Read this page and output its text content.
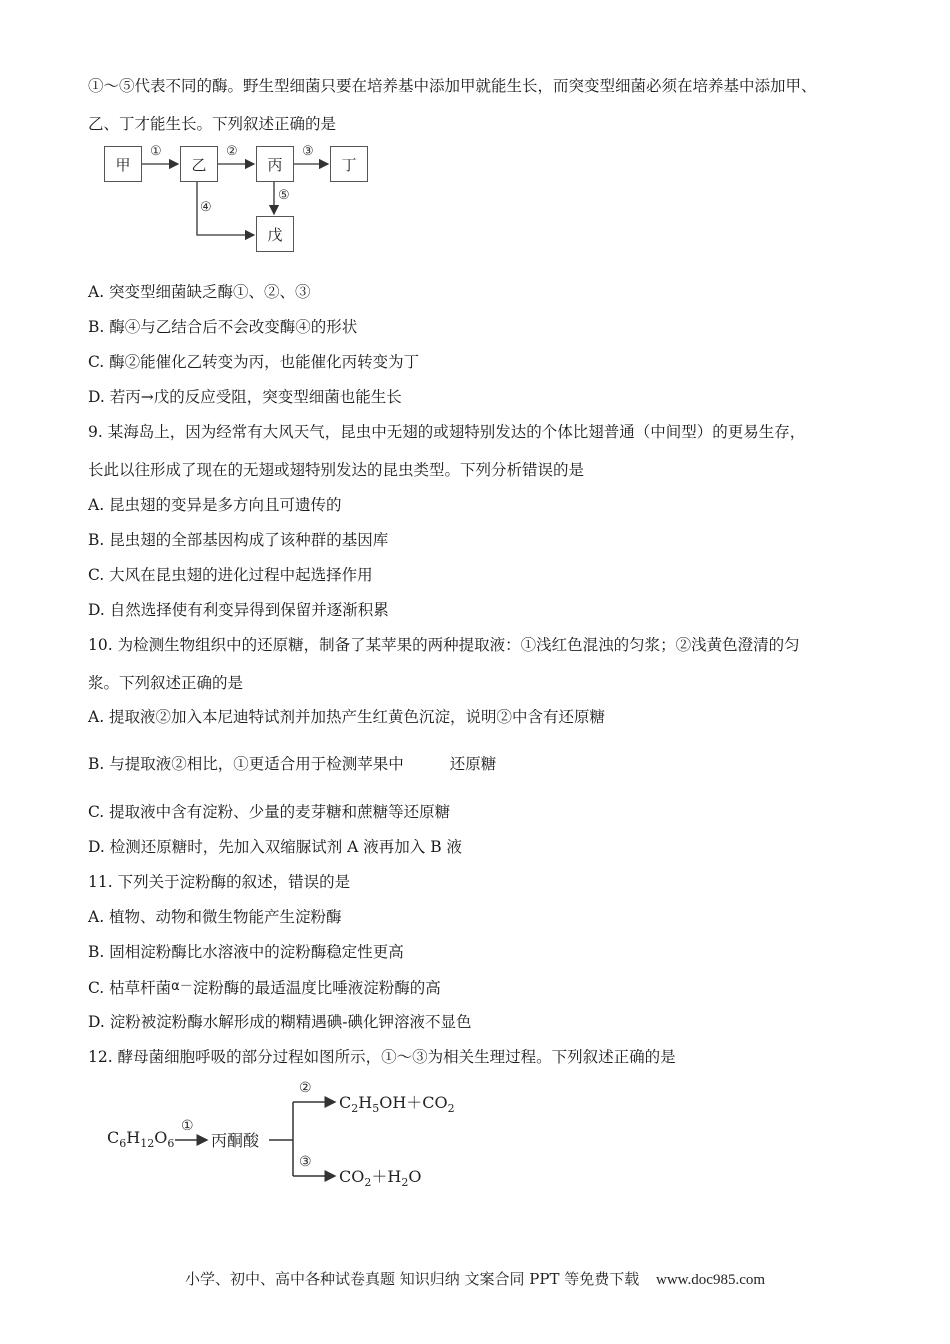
①～⑤代表不同的酶。野生型细菌只要在培养基中添加甲就能生长，而突变型细菌必须在培养基中添加甲、
乙、丁才能生长。下列叙述正确的是
甲	乙	丙	丁
戊
①	②	③
④
⑤
A. 突变型细菌缺乏酶①、②、③
B. 酶④与乙结合后不会改变酶④的形状
C. 酶②能催化乙转变为丙，也能催化丙转变为丁
D. 若丙→戊的反应受阻，突变型细菌也能生长
9. 某海岛上，因为经常有大风天气，昆虫中无翅的或翅特别发达的个体比翅普通（中间型）的更易生存，
长此以往形成了现在的无翅或翅特别发达的昆虫类型。下列分析错误的是
A. 昆虫翅的变异是多方向且可遗传的
B. 昆虫翅的全部基因构成了该种群的基因库
C. 大风在昆虫翅的进化过程中起选择作用
D. 自然选择使有利变异得到保留并逐渐积累
10. 为检测生物组织中的还原糖，制备了某苹果的两种提取液：①浅红色混浊的匀浆；②浅黄色澄清的匀
浆。下列叙述正确的是
A. 提取液②加入本尼迪特试剂并加热产生红黄色沉淀，说明②中含有还原糖
B. 与提取液②相比，①更适合用于检测苹果中	还原糖
C. 提取液中含有淀粉、少量的麦芽糖和蔗糖等还原糖
D. 检测还原糖时，先加入双缩脲试剂 A 液再加入 B 液
11. 下列关于淀粉酶的叙述，错误的是
A. 植物、动物和微生物能产生淀粉酶
B. 固相淀粉酶比水溶液中的淀粉酶稳定性更高
C. 枯草杆菌α－淀粉酶的最适温度比唾液淀粉酶的高
D. 淀粉被淀粉酶水解形成的糊精遇碘-碘化钾溶液不显色
12. 酵母菌细胞呼吸的部分过程如图所示，①～③为相关生理过程。下列叙述正确的是
$C_6H_{12}O_6$
①
丙酮酸
②
$C_2H_5OH+CO_2$
③
$CO_2+H_2O$
小学、初中、高中各种试卷真题 知识归纳 文案合同 PPT 等免费下载 www.doc985.com
